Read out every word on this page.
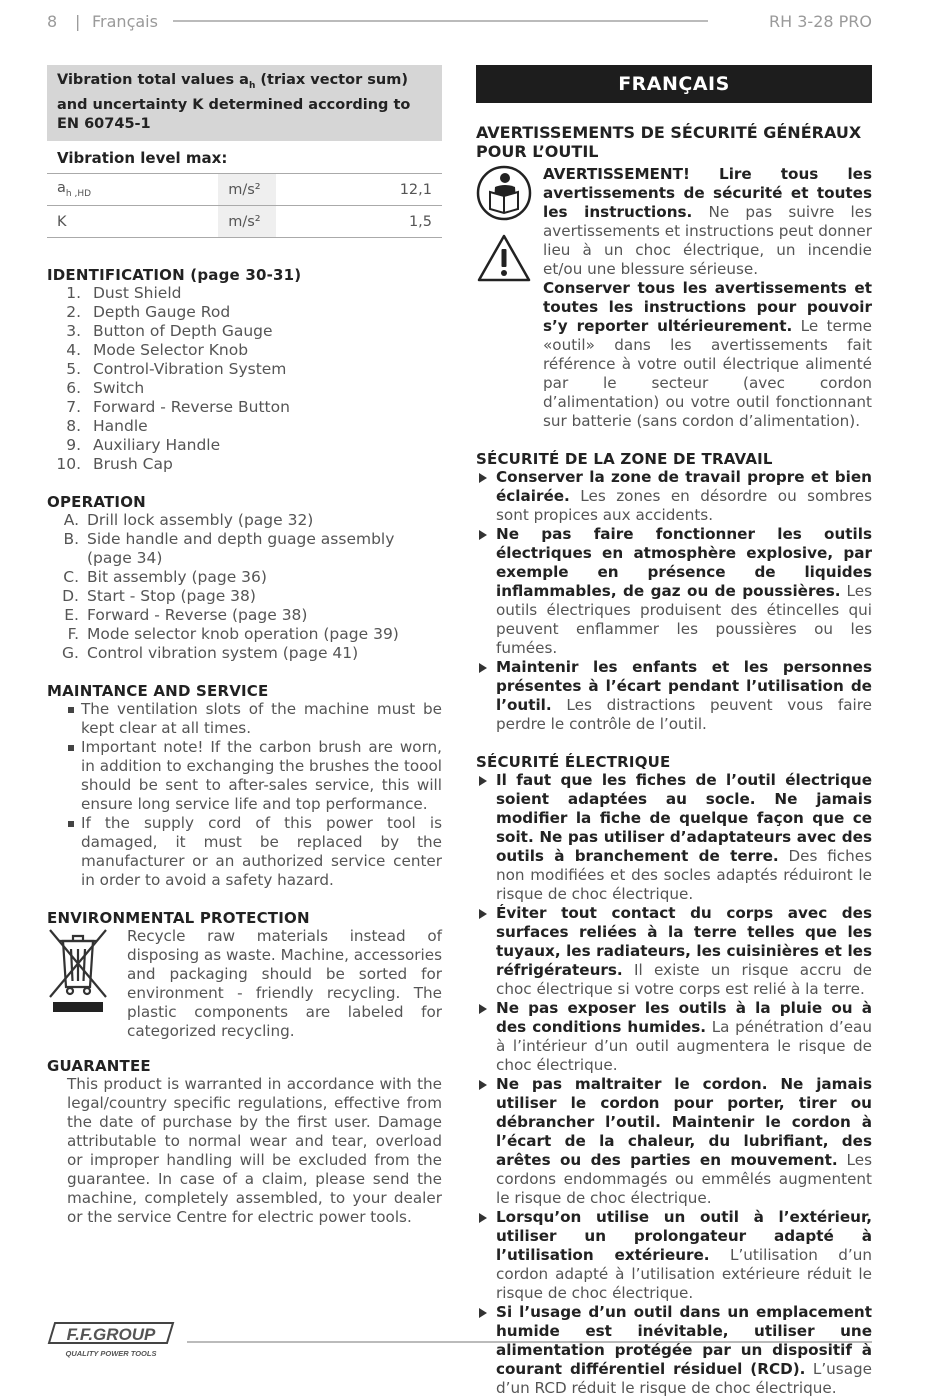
8 | Français	RH 3-28 PRO
Vibration total values $a_h$ (triax vector sum) and uncertainty K determined according to EN 60745-1
Vibration level max:
$a_{h ,HD}$	m/s²	12,1
K	m/s²	1,5
IDENTIFICATION (page 30-31)
1. Dust Shield
2. Depth Gauge Rod
3. Button of Depth Gauge
4. Mode Selector Knob
5. Control-Vibration System
6. Switch
7. Forward - Reverse Button
8. Handle
9. Auxiliary Handle
10. Brush Cap
OPERATION
A. Drill lock assembly (page 32)
B. Side handle and depth guage assembly (page 34)
C. Bit assembly (page 36)
D. Start - Stop (page 38)
E. Forward - Reverse (page 38)
F. Mode selector knob operation (page 39)
G. Control vibration system (page 41)
MAINTANCE AND SERVICE
The ventilation slots of the machine must be kept clear at all times.
Important note! If the carbon brush are worn, in addition to exchanging the brushes the toool should be sent to after-sales service, this will ensure long service life and top performance.
If the supply cord of this power tool is damaged, it must be replaced by the manufacturer or an authorized service center in order to avoid a safety hazard.
ENVIRONMENTAL PROTECTION

Recycle raw materials instead of disposing as waste. Machine, accessories and packaging should be sorted for environment - friendly recycling. The plastic components are labeled for categorized recycling.

GUARANTEE

This product is warranted in accordance with the legal/country specific regulations, effective from the date of purchase by the first user. Damage attributable to normal wear and tear, overload or improper handling will be excluded from the guarantee. In case of a claim, please send the machine, completely assembled, to your dealer or the service Centre for electric power tools.

FRANÇAIS
AVERTISSEMENTS DE SÉCURITÉ GÉNÉRAUX POUR L’OUTIL
AVERTISSEMENT! Lire tous les avertissements de sécurité et toutes les instructions. Ne pas suivre les avertissements et instructions peut donner lieu à un choc électrique, un incendie et/ou une blessure sérieuse.
Conserver tous les avertissements et toutes les instructions pour pouvoir s’y reporter ultérieurement. Le terme «outil» dans les avertissements fait référence à votre outil électrique alimenté par le secteur (avec cordon d’alimentation) ou votre outil fonctionnant sur batterie (sans cordon d’alimentation).
SÉCURITÉ DE LA ZONE DE TRAVAIL
Conserver la zone de travail propre et bien éclairée. Les zones en désordre ou sombres sont propices aux accidents.
Ne pas faire fonctionner les outils électriques en atmosphère explosive, par exemple en présence de liquides inflammables, de gaz ou de poussières. Les outils électriques produisent des étincelles qui peuvent enflammer les poussières ou les fumées.
Maintenir les enfants et les personnes présentes à l’écart pendant l’utilisation de l’outil. Les distractions peuvent vous faire perdre le contrôle de l’outil.
SÉCURITÉ ÉLECTRIQUE
Il faut que les fiches de l’outil électrique soient adaptées au socle. Ne jamais modifier la fiche de quelque façon que ce soit. Ne pas utiliser d’adaptateurs avec des outils à branchement de terre. Des fiches non modifiées et des socles adaptés réduiront le risque de choc électrique.
Éviter tout contact du corps avec des surfaces reliées à la terre telles que les tuyaux, les radiateurs, les cuisinières et les réfrigérateurs. Il existe un risque accru de choc électrique si votre corps est relié à la terre.
Ne pas exposer les outils à la pluie ou à des conditions humides. La pénétration d’eau à l’intérieur d’un outil augmentera le risque de choc électrique.
Ne pas maltraiter le cordon. Ne jamais utiliser le cordon pour porter, tirer ou débrancher l’outil. Maintenir le cordon à l’écart de la chaleur, du lubrifiant, des arêtes ou des parties en mouvement. Les cordons endommagés ou emmêlés augmentent le risque de choc électrique.
Lorsqu’on utilise un outil à l’extérieur, utiliser un prolongateur adapté à l’utilisation extérieure. L’utilisation d’un cordon adapté à l’utilisation extérieure réduit le risque de choc électrique.
Si l’usage d’un outil dans un emplacement humide est inévitable, utiliser une alimentation protégée par un dispositif à courant différentiel résiduel (RCD). L’usage d’un RCD réduit le risque de choc électrique.
F.F.GROUP
QUALITY POWER TOOLS
